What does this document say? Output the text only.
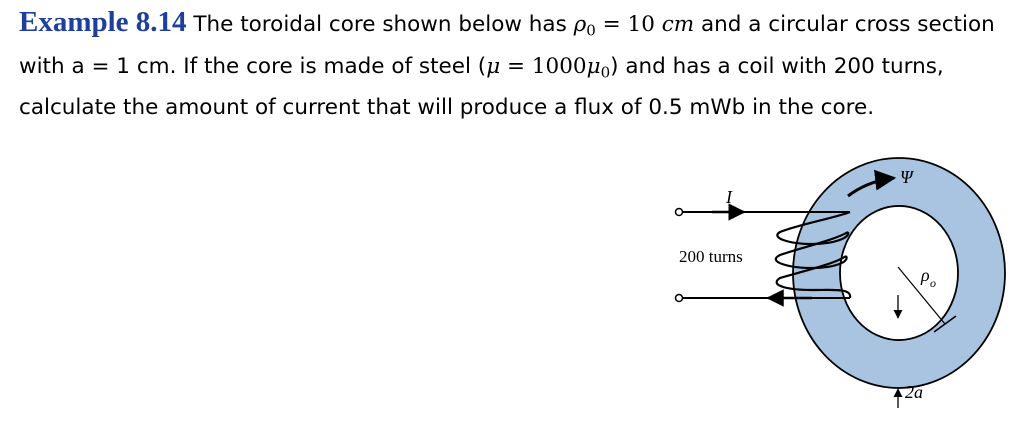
Example 8.14 The toroidal core shown below has $\rho_0 = 10$ cm and a circular cross section with a = 1 cm. If the core is made of steel $(\mu = 1000\mu_0)$ and has a coil with 200 turns, calculate the amount of current that will produce a flux of 0.5 mWb in the core.

I
200 turns
Ψ
ρ o
2a
